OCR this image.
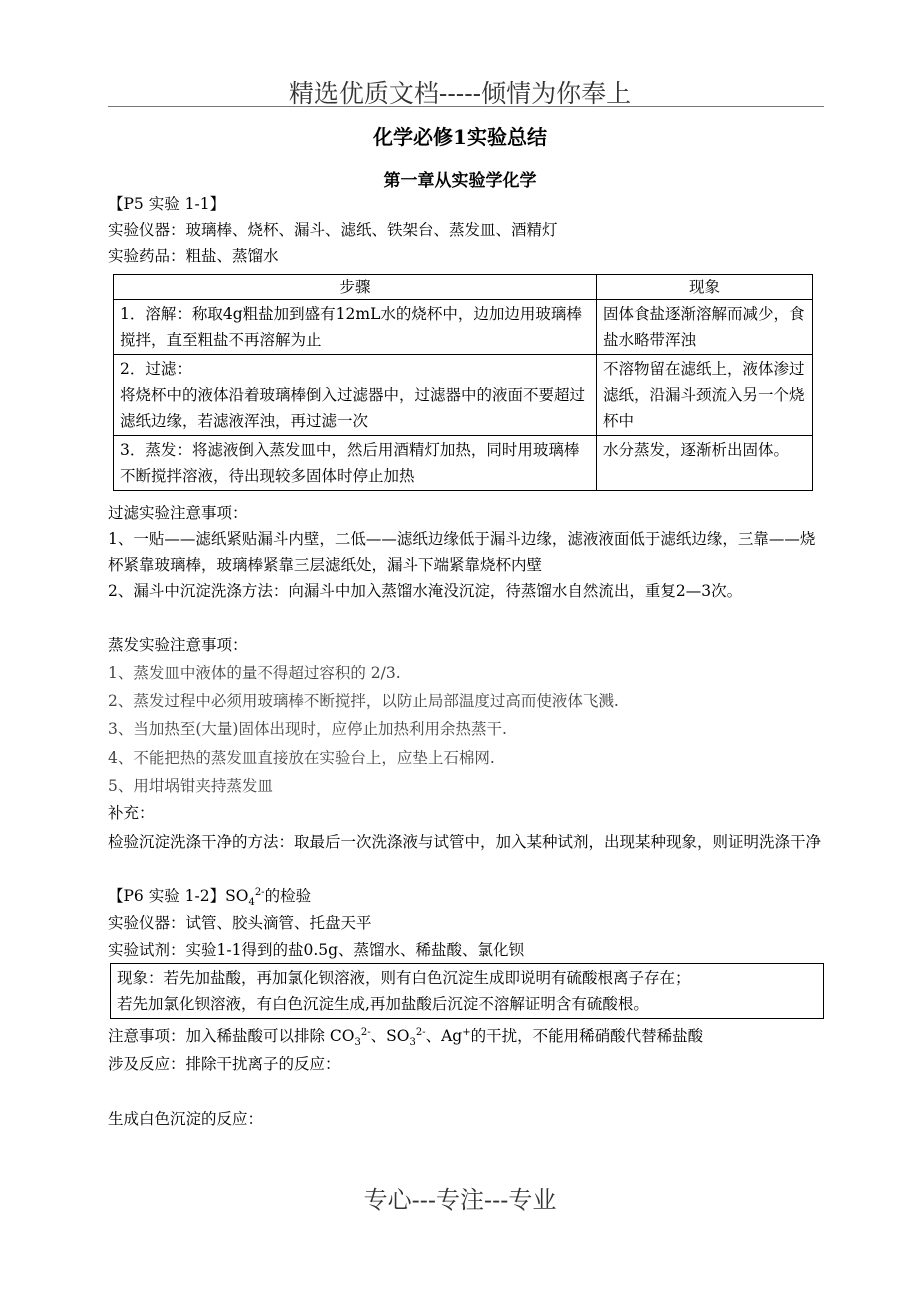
精选优质文档-----倾情为你奉上
化学必修1实验总结
第一章从实验学化学
【P5 实验 1-1】
实验仪器：玻璃棒、烧杯、漏斗、滤纸、铁架台、蒸发皿、酒精灯
实验药品：粗盐、蒸馏水
步骤	现象
1．溶解：称取4g粗盐加到盛有12mL水的烧杯中，边加边用玻璃棒搅拌，直至粗盐不再溶解为止	固体食盐逐渐溶解而减少，食盐水略带浑浊

2．过滤：
将烧杯中的液体沿着玻璃棒倒入过滤器中，过滤器中的液面不要超过滤纸边缘，若滤液浑浊，再过滤一次	不溶物留在滤纸上，液体渗过滤纸，沿漏斗颈流入另一个烧杯中
3．蒸发：将滤液倒入蒸发皿中，然后用酒精灯加热，同时用玻璃棒不断搅拌溶液，待出现较多固体时停止加热	水分蒸发，逐渐析出固体。
过滤实验注意事项：
1、一贴——滤纸紧贴漏斗内壁，二低——滤纸边缘低于漏斗边缘，滤液液面低于滤纸边缘，三靠——烧杯紧靠玻璃棒，玻璃棒紧靠三层滤纸处，漏斗下端紧靠烧杯内壁
2、漏斗中沉淀洗涤方法：向漏斗中加入蒸馏水淹没沉淀，待蒸馏水自然流出，重复2—3次。
蒸发实验注意事项：
1、蒸发皿中液体的量不得超过容积的 2/3.
2、蒸发过程中必须用玻璃棒不断搅拌，以防止局部温度过高而使液体飞溅.
3、当加热至(大量)固体出现时，应停止加热利用余热蒸干.
4、不能把热的蒸发皿直接放在实验台上，应垫上石棉网.
5、用坩埚钳夹持蒸发皿
补充：
检验沉淀洗涤干净的方法：取最后一次洗涤液与试管中，加入某种试剂，出现某种现象，则证明洗涤干净
【P6 实验 1-2】$SO_4^{2-}$的检验
实验仪器：试管、胶头滴管、托盘天平
实验试剂：实验1-1得到的盐0.5g、蒸馏水、稀盐酸、氯化钡
现象：若先加盐酸，再加氯化钡溶液，则有白色沉淀生成即说明有硫酸根离子存在；
若先加氯化钡溶液，有白色沉淀生成,再加盐酸后沉淀不溶解证明含有硫酸根。
注意事项：加入稀盐酸可以排除 $CO_3^{2-}$、$SO_3^{2-}$、Ag+的干扰，不能用稀硝酸代替稀盐酸
涉及反应：排除干扰离子的反应：
生成白色沉淀的反应：
专心---专注---专业
